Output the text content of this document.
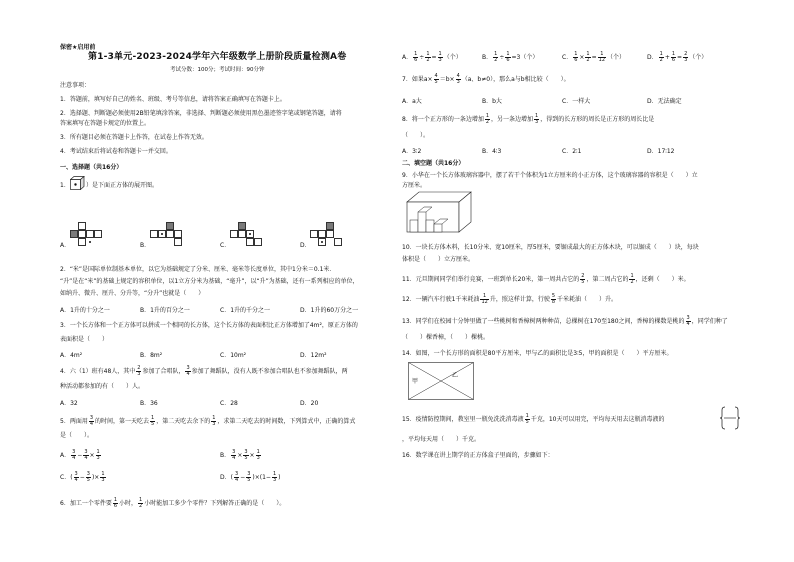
保密★启用前
第1-3单元-2023-2024学年六年级数学上册阶段质量检测A卷
考试分数：100分；考试时间：90分钟
注意事项：
1．答题前，填写好自己的姓名、班级、考号等信息，请将答案正确填写在答题卡上。
2．选择题、判断题必须使用2B铅笔填涂答案，非选择、判断题必须使用黑色墨迹签字笔或钢笔答题，请将
答案填写在答题卡规定的位置上。
3．所有题目必须在答题卡上作答，在试卷上作答无效。
4．考试结束后将试卷和答题卡一并交回。
一、选择题（共16分）
1．	）是下面正方体的展开图。
A．	B．	C．	D．
2．“米”是国际单位制基本单位，以它为基础规定了分米、厘米、毫米等长度单位，其中1分米＝0.1米．
“升”是在“米”的基础上规定的容积单位，以1立方分米为基础，“毫升”，以“升”为基础，还有一系列相应的单位，
如纳升、微升、厘升、分升等，“分升”也就是（　　）
A．1升的十分之一	B．1升的百分之一	C．1升的千分之一	D．1升的60万分之一
3．一个长方体和一个正方体可以拼成一个相同的长方体，这个长方体的表面积比正方体增加了4m²，原正方体的
表面积是（　　）
A．4m²	B．8m²	C．10m²	D．12m²
4．六（1）班有48人，其中 $\frac{2}{3}$ 参加了合唱队， $\frac{3}{4}$ 参加了舞蹈队，没有人既不参加合唱队也不参加舞蹈队，两
种活动都参加的有（　　）人。
A．32	B．36	C．28	D．20
5．两面用 $\frac{3}{4}$ 的时间，第一天吃去 $\frac{1}{5}$ ，第二天吃去余下的 $\frac{1}{3}$ ，求第二天吃去的时间数，下列算式中，正确的算式
是（　　）。
A． $\frac{3}{4} - \frac{3}{4} \times \frac{1}{3}$	B． $\frac{3}{4} \times \frac{3}{5} \times \frac{1}{3}$
C．( $\frac{3}{4} - \frac{3}{5}$ )× $\frac{1}{3}$	D．( $\frac{3}{4} - \frac{3}{5} )\times(1- \frac{1}{3}$ )
6．加工一个零件要 $\frac{1}{6}$ 小时， $\frac{1}{2}$ 小时能加工多少个零件？下列解答正确的是（　　）。
A． $\frac{1}{6} \div \frac{1}{2} = \frac{1}{3}$ （个）	B． $\frac{1}{2} \div \frac{1}{6} =3$（个）	C． $\frac{1}{6} \times \frac{1}{2} = \frac{1}{12}$ （个）	D． $\frac{1}{2} + \frac{1}{6} = \frac{2}{3}$ （个）
7．如果$a\times \frac{4}{5} =b\times \frac{4}{3} (a$、b≠0），那么a与b相比较（　　）。
A．a大	B．b大	C．一样大	D．无法确定
8．将一个正方形的一条边增加 $\frac{1}{2}$ ，另一条边增加 $\frac{1}{3}$ ，得到的长方形的周长是正方形的周长比是
（　　）。
A．3∶2	B．4∶3	C．2∶1	D．17∶12
二、填空题（共16分）
9．小华在一个长方体玻璃容器中，摆了若干个体积为1立方厘米的小正方体，这个玻璃容器的容积是（　　）立
方厘米。
10．一块长方体木料，长10分米、宽10厘米，厚5厘米，要锯成最大的正方体木块，可以锯成（　　）块，每块
体积是（　　）立方厘米。
11．元旦期间同学们举行竞赛，一班到单长20米，第一周共占它的 $\frac{2}{5}$ ，第二周占它的 $\frac{1}{2}$ ，还剩（　　）米。
12．一辆汽车行驶1千米耗油 $\frac{1}{12}$ 升，照这样计算，行驶 $\frac{5}{8}$ 千米耗油（　　）升。
13．同学们在校园十分钟里做了一些桃树和香樟树两种种苗，总棵树在170至180之间，香樟的棵数是桃的 $\frac{3}{4}$ ，同学们种了
（　　）棵香樟，（　　）棵桃。
14．如图，一个长方形的面积是80平方厘米，甲与乙的面积比是3∶5，甲的面积是（　　）平方厘米。
甲
乙
15．疫情防控期间，教室里一瓶免洗洗消毒液 $\frac{1}{5}$ 千克，10天可以用完，平均每天用去这瓶消毒液的
，平均每天用（　　）千克。
16．数学课在讲上期学的正方体盒子里面的，步骤如下：
